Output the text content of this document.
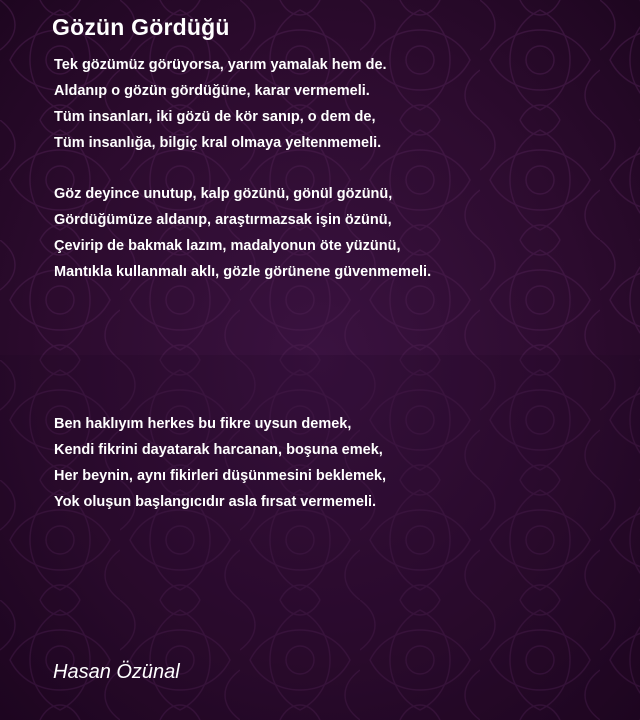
Gözün Gördüğü

Tek gözümüz görüyorsa, yarım yamalak hem de.
Aldanıp o gözün gördüğüne, karar vermemeli.
Tüm insanları, iki gözü de kör sanıp, o dem de,
Tüm insanlığa, bilgiç kral olmaya yeltenmemeli.

Göz deyince unutup, kalp gözünü, gönül gözünü,
Gördüğümüze aldanıp, araştırmazsak işin özünü,
Çevirip de bakmak lazım, madalyonun öte yüzünü,
Mantıkla kullanmalı aklı, gözle görünene güvenmemeli.

Ben haklıyım herkes bu fikre uysun demek,
Kendi fikrini dayatarak harcanan, boşuna emek,
Her beynin, aynı fikirleri düşünmesini beklemek,
Yok oluşun başlangıcıdır asla fırsat vermemeli.

Hasan Özünal
